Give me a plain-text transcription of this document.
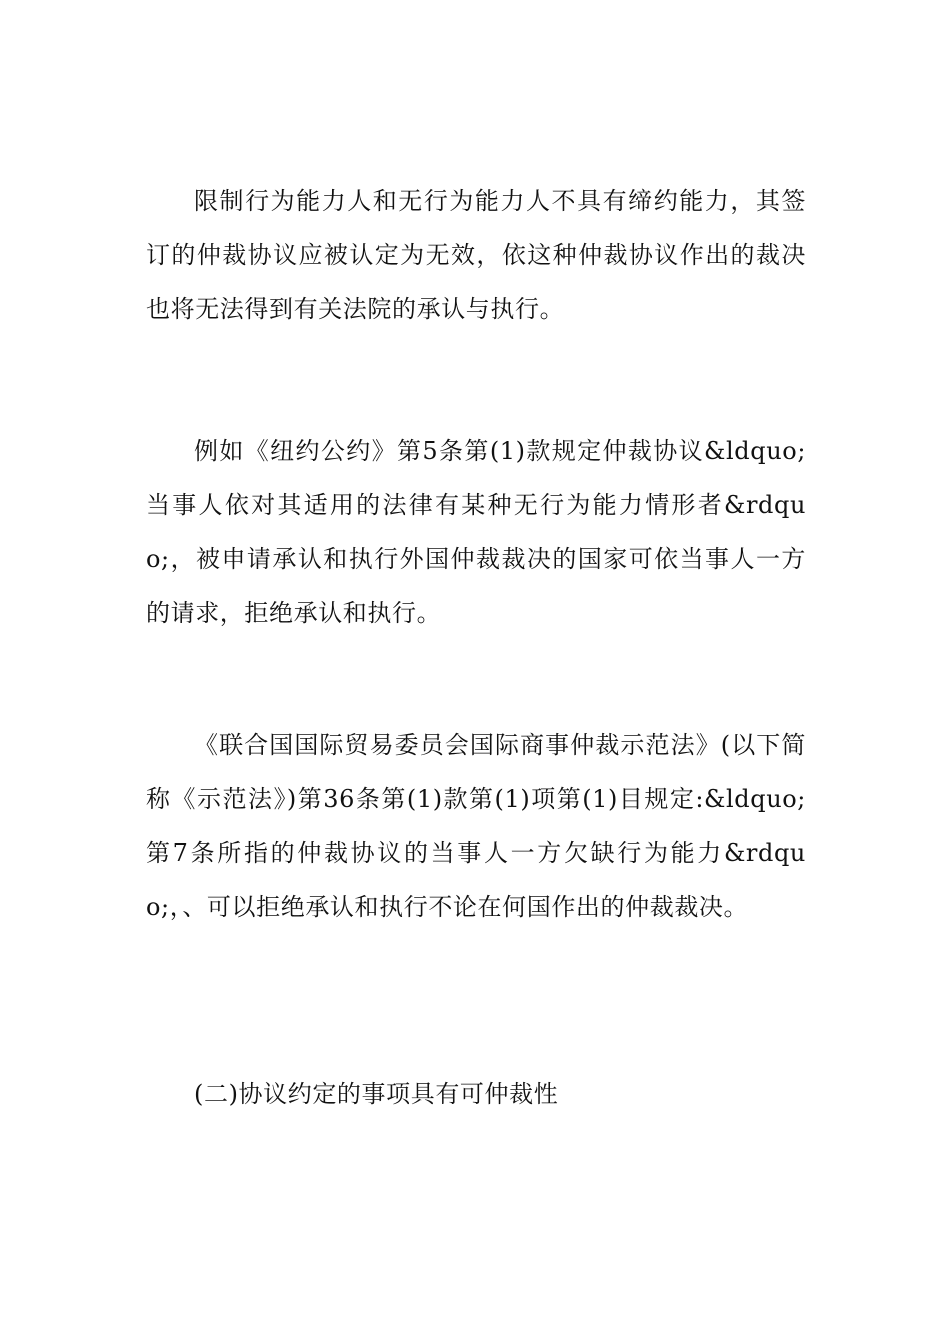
限制行为能力人和无行为能力人不具有缔约能力，其签订的仲裁协议应被认定为无效，依这种仲裁协议作出的裁决也将无法得到有关法院的承认与执行。

例如《纽约公约》第5条第(1)款规定仲裁协议&ldquo;当事人依对其适用的法律有某种无行为能力情形者&rdquo;，被申请承认和执行外国仲裁裁决的国家可依当事人一方的请求，拒绝承认和执行。

《联合国国际贸易委员会国际商事仲裁示范法》(以下简称《示范法》)第36条第(1)款第(1)项第(1)目规定:&ldquo;第7条所指的仲裁协议的当事人一方欠缺行为能力&rdquo;，、可以拒绝承认和执行不论在何国作出的仲裁裁决。

(二)协议约定的事项具有可仲裁性
